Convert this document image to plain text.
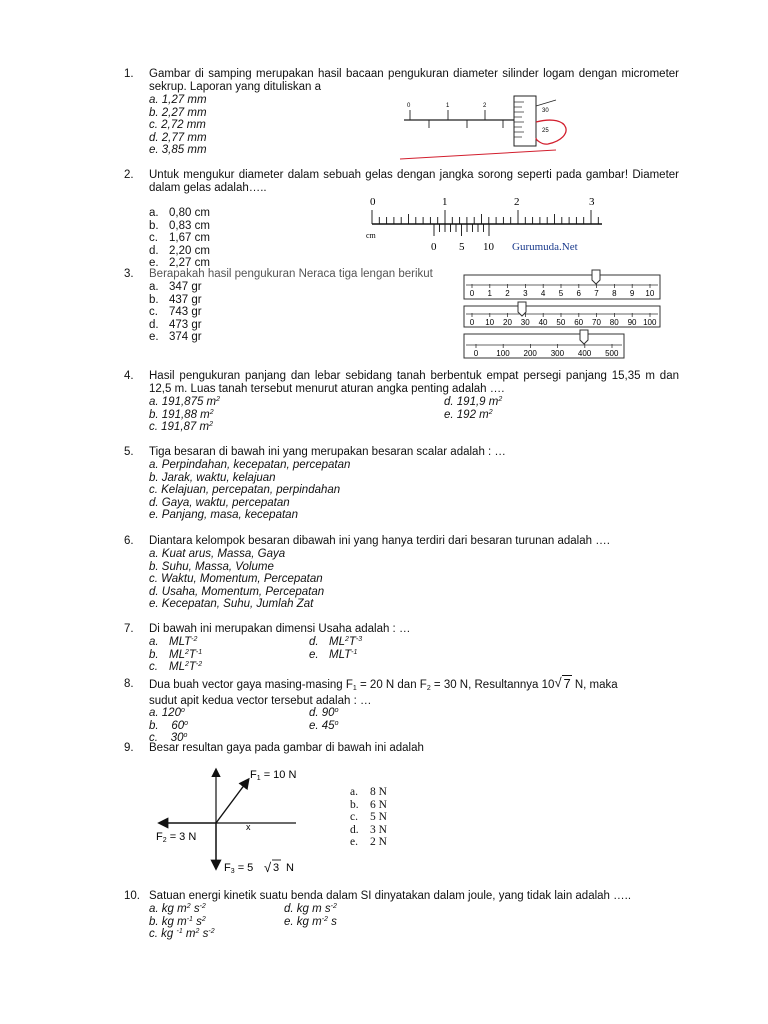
1.	Gambar di samping merupakan hasil bacaan pengukuran diameter silinder logam dengan micrometer sekrup. Laporan yang dituliskan a
a. 1,27 mm
b. 2,27 mm
c. 2,72 mm
d. 2,77 mm
e. 3,85 mm
0	1	2
30
25
2.	Untuk mengukur diameter dalam sebuah gelas dengan jangka sorong seperti pada gambar! Diameter dalam gelas adalah…..
a. 0,80 cm
b. 0,83 cm
c. 1,67 cm
d. 2,20 cm
e. 2,27 cm
0	1	2	3
cm
0 5 10 Gurumuda.Net
3.	Berapakah hasil pengukuran Neraca tiga lengan berikut
a. 347 gr
b. 437 gr
c. 743 gr
d. 473 gr
e. 374 gr
0 1 2 3 4 5 6 7 8 9 10
0 10 20 30 40 50 60 70 80 90 100
0 100 200 300 400 500
4.	Hasil pengukuran panjang dan lebar sebidang tanah berbentuk empat persegi panjang 15,35 m dan 12,5 m. Luas tanah tersebut menurut aturan angka penting adalah ….
a. 191,875 $m^2$
b. 191,88 $m^2$
c. 191,87 $m^2$
d. 191,9 $m^2$
e. 192 $m^2$
5.	Tiga besaran di bawah ini yang merupakan besaran scalar adalah : …
a. Perpindahan, kecepatan, percepatan
b. Jarak, waktu, kelajuan
c. Kelajuan, percepatan, perpindahan
d. Gaya, waktu, percepatan
e. Panjang, masa, kecepatan
6.	Diantara kelompok besaran dibawah ini yang hanya terdiri dari besaran turunan adalah ….
a. Kuat arus, Massa, Gaya
b. Suhu, Massa, Volume
c. Waktu, Momentum, Percepatan
d. Usaha, Momentum, Percepatan
e. Kecepatan, Suhu, Jumlah Zat
7.	Di bawah ini merupakan dimensi Usaha adalah : …
a. $MLT^{-2}$
b. $ML^2T^{-1}$
c. $ML^2T^{-2}$
d. $ML^2T^{-3}$
e. $MLT^{-1}$
8.	Dua buah vector gaya masing-masing $F_1 = 20$ N dan $F_2 = 30$ N, Resultannya 10 √ 7 N, maka
sudut apit kedua vector tersebut adalah : …
a. 120$^o$
b.    60$^o$
c.    30$^o$
d. 90$^o$
e. 45$^o$
9.	Besar resultan gaya pada gambar di bawah ini adalah
x
F1 = 10 N
F2 = 3 N
F3 = 5 √ 3 N
a. 8 N
b. 6 N
c. 5 N
d. 3 N
e. 2 N
10. Satuan energi kinetik suatu benda dalam SI dinyatakan dalam joule, yang tidak lain adalah …..
a. kg $m^2$ $s^{-2}$
b. kg $m^{-1}$ $s^2$
c. kg $^{-1}$ $m^2$ $s^{-2}$
d. kg m $s^{-2}$
e. kg $m^{-2}$ s
